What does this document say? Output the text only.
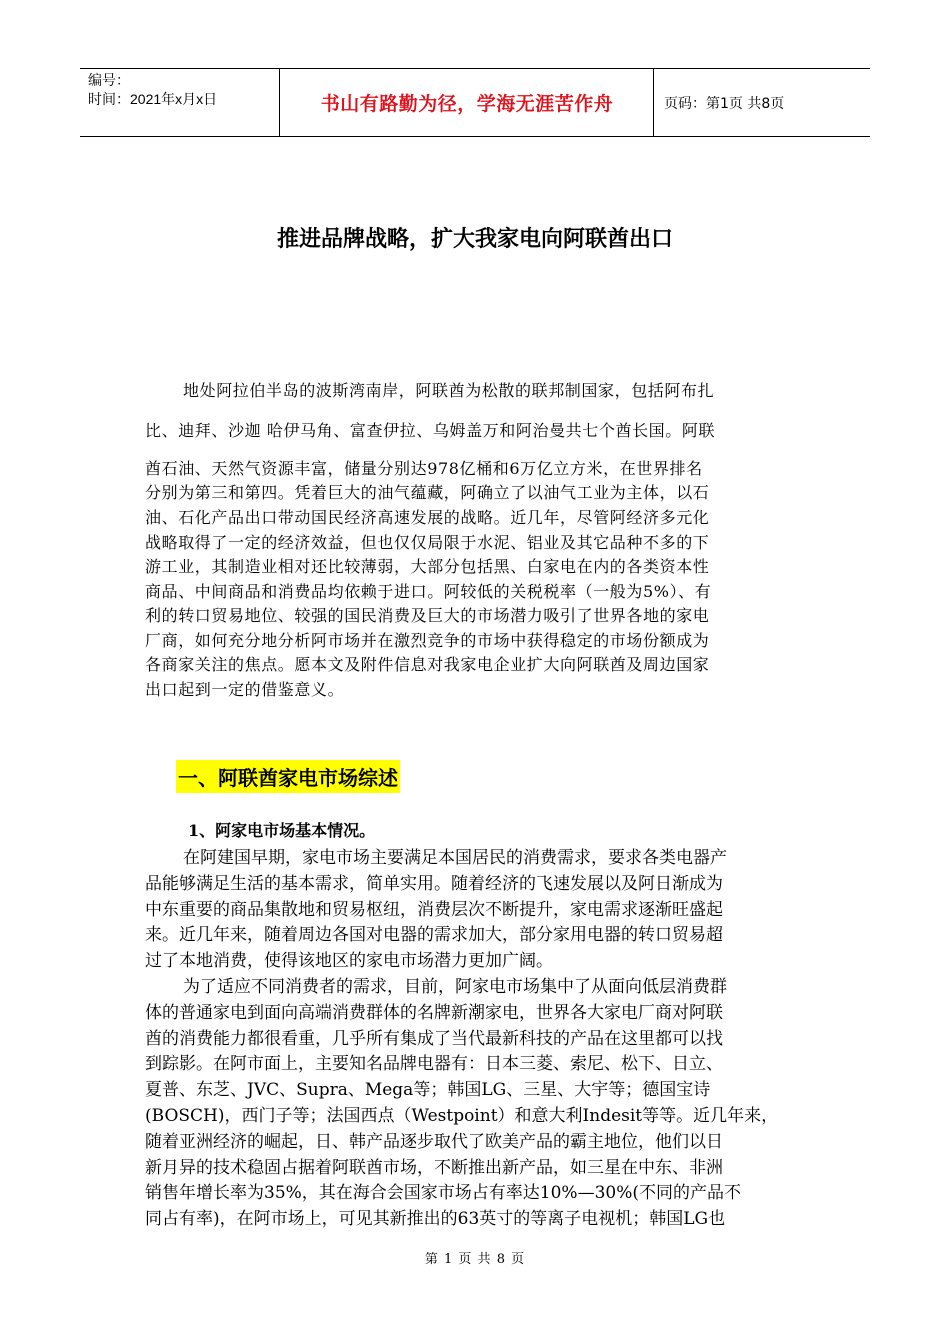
编号：
时间：2021年x月x日	书山有路勤为径，学海无涯苦作舟	页码：第1页 共8页
推进品牌战略，扩大我家电向阿联酋出口
地处阿拉伯半岛的波斯湾南岸，阿联酋为松散的联邦制国家，包括阿布扎
比、迪拜、沙迦 哈伊马角、富查伊拉、乌姆盖万和阿治曼共七个酋长国。阿联
酋石油、天然气资源丰富，储量分别达978亿桶和6万亿立方米，在世界排名
分别为第三和第四。凭着巨大的油气蕴藏，阿确立了以油气工业为主体，以石
油、石化产品出口带动国民经济高速发展的战略。近几年，尽管阿经济多元化
战略取得了一定的经济效益，但也仅仅局限于水泥、铝业及其它品种不多的下
游工业，其制造业相对还比较薄弱，大部分包括黑、白家电在内的各类资本性
商品、中间商品和消费品均依赖于进口。阿较低的关税税率（一般为5%）、有
利的转口贸易地位、较强的国民消费及巨大的市场潜力吸引了世界各地的家电
厂商，如何充分地分析阿市场并在激烈竞争的市场中获得稳定的市场份额成为
各商家关注的焦点。愿本文及附件信息对我家电企业扩大向阿联酋及周边国家
出口起到一定的借鉴意义。
一、阿联酋家电市场综述
1、阿家电市场基本情况。
在阿建国早期，家电市场主要满足本国居民的消费需求，要求各类电器产
品能够满足生活的基本需求，简单实用。随着经济的飞速发展以及阿日渐成为
中东重要的商品集散地和贸易枢纽，消费层次不断提升，家电需求逐渐旺盛起
来。近几年来，随着周边各国对电器的需求加大，部分家用电器的转口贸易超
过了本地消费，使得该地区的家电市场潜力更加广阔。
为了适应不同消费者的需求，目前，阿家电市场集中了从面向低层消费群
体的普通家电到面向高端消费群体的名牌新潮家电，世界各大家电厂商对阿联
酋的消费能力都很看重，几乎所有集成了当代最新科技的产品在这里都可以找
到踪影。在阿市面上，主要知名品牌电器有：日本三菱、索尼、松下、日立、
夏普、东芝、JVC、Supra、Mega等；韩国LG、三星、大宇等；德国宝诗
(BOSCH)，西门子等；法国西点（Westpoint）和意大利Indesit等等。近几年来，
随着亚洲经济的崛起，日、韩产品逐步取代了欧美产品的霸主地位，他们以日
新月异的技术稳固占据着阿联酋市场，不断推出新产品，如三星在中东、非洲
销售年增长率为35%，其在海合会国家市场占有率达10%—30%(不同的产品不
同占有率)，在阿市场上，可见其新推出的63英寸的等离子电视机；韩国LG也
第 1 页 共 8 页
